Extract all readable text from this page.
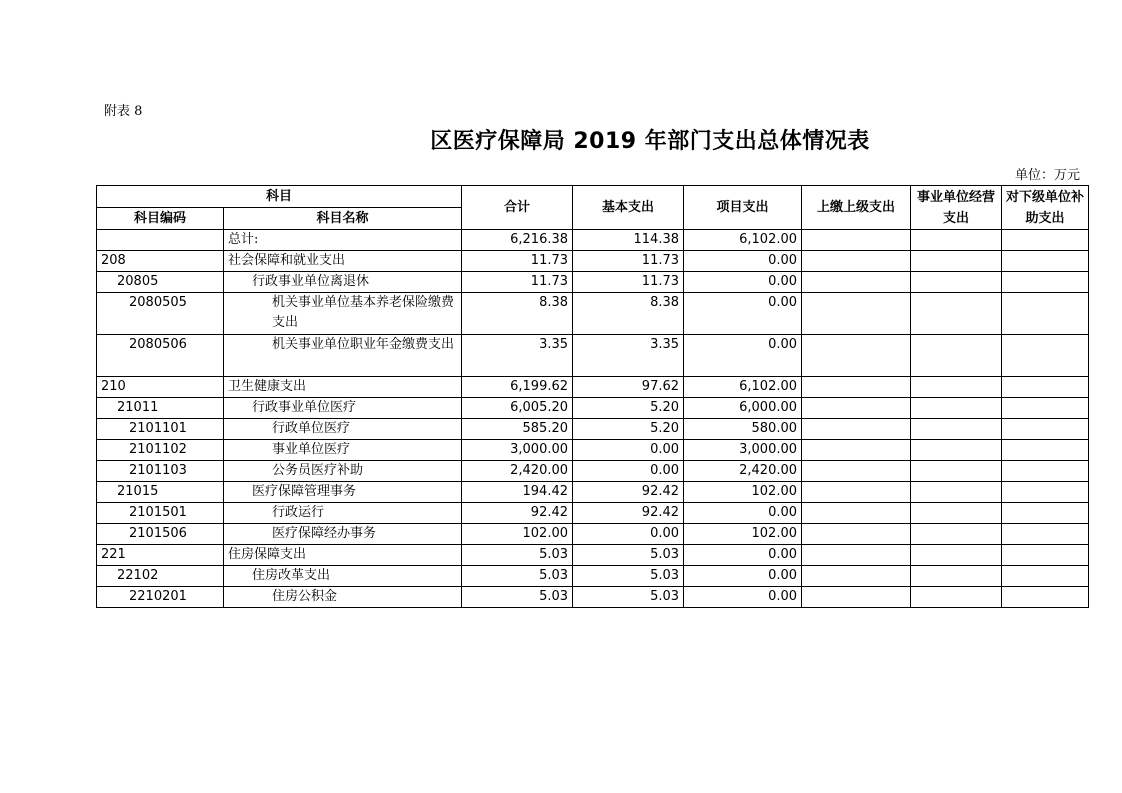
附表 8
区医疗保障局 2019 年部门支出总体情况表
单位：万元
科目		合计	基本支出	项目支出	上缴上级支出	事业单位经营支出	对下级单位补助支出
科目编码	科目名称						
	总计:	6,216.38	114.38	6,102.00			
208	社会保障和就业支出	11.73	11.73	0.00			
20805	行政事业单位离退休	11.73	11.73	0.00			
2080505	机关事业单位基本养老保险缴费支出	8.38	8.38	0.00			
2080506	机关事业单位职业年金缴费支出	3.35	3.35	0.00			
210	卫生健康支出	6,199.62	97.62	6,102.00			
21011	行政事业单位医疗	6,005.20	5.20	6,000.00			
2101101	行政单位医疗	585.20	5.20	580.00			
2101102	事业单位医疗	3,000.00	0.00	3,000.00			
2101103	公务员医疗补助	2,420.00	0.00	2,420.00			
21015	医疗保障管理事务	194.42	92.42	102.00			
2101501	行政运行	92.42	92.42	0.00			
2101506	医疗保障经办事务	102.00	0.00	102.00			
221	住房保障支出	5.03	5.03	0.00			
22102	住房改革支出	5.03	5.03	0.00			
2210201	住房公积金	5.03	5.03	0.00			
